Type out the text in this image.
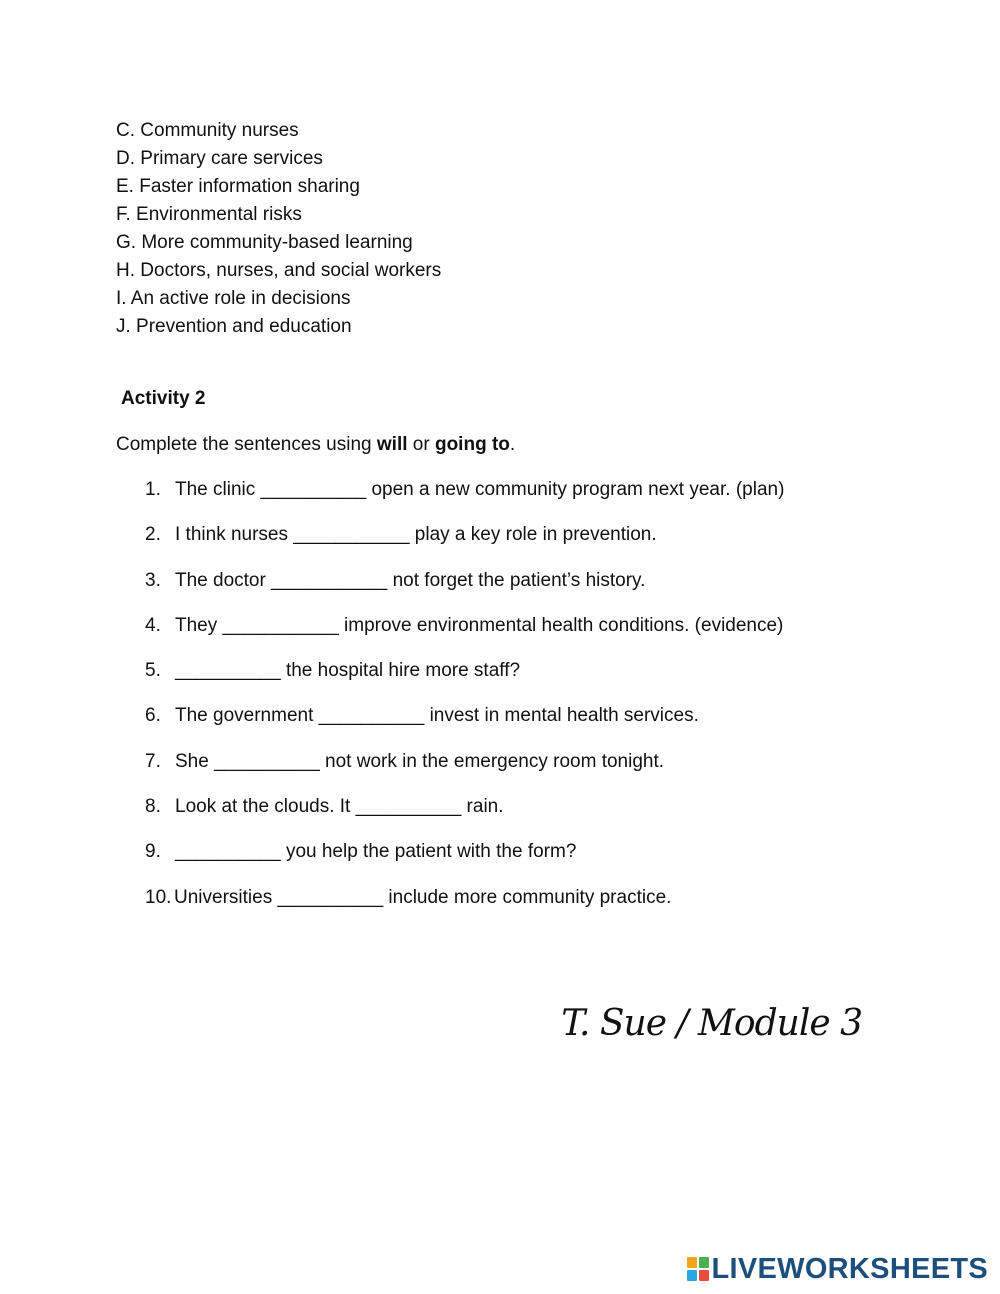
C. Community nurses
D. Primary care services
E. Faster information sharing
F. Environmental risks
G. More community-based learning
H. Doctors, nurses, and social workers
I. An active role in decisions
J. Prevention and education
Activity 2

Complete the sentences using will or going to.

1. The clinic __________ open a new community program next year. (plan)
2. I think nurses ___________ play a key role in prevention.
3. The doctor ___________ not forget the patient’s history.
4. They ___________ improve environmental health conditions. (evidence)
5. __________ the hospital hire more staff?
6. The government __________ invest in mental health services.
7. She __________ not work in the emergency room tonight.
8. Look at the clouds. It __________ rain.
9. __________ you help the patient with the form?
10. Universities __________ include more community practice.
T. Sue / Module 3
LIVEWORKSHEETS
